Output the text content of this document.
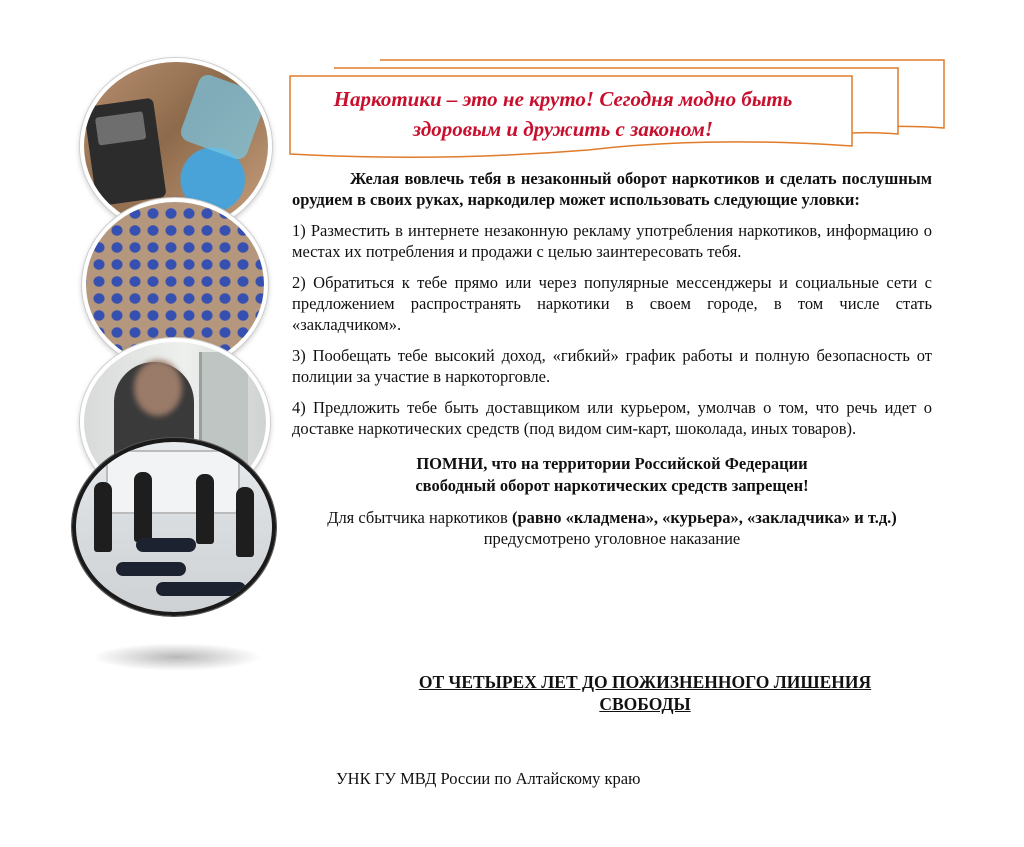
Наркотики – это не круто! Сегодня модно быть
здоровым и дружить с законом!

Желая вовлечь тебя в незаконный оборот наркотиков и сделать послушным орудием в своих руках, наркодилер может использовать следующие уловки:

1) Разместить в интернете незаконную рекламу употребления наркотиков, информацию о местах их потребления и продажи с целью заинтересовать тебя.

2) Обратиться к тебе прямо или через популярные мессенджеры и социальные сети с предложением распространять наркотики в своем городе, в том числе стать «закладчиком».

3) Пообещать тебе высокий доход, «гибкий» график работы и полную безопасность от полиции за участие в наркоторговле.

4) Предложить тебе быть доставщиком или курьером, умолчав о том, что речь идет о доставке наркотических средств (под видом сим-карт, шоколада, иных товаров).

ПОМНИ, что на территории Российской Федерации
свободный оборот наркотических средств запрещен!

Для сбытчика наркотиков (равно «кладмена», «курьера», «закладчика» и т.д.) предусмотрено уголовное наказание

ОТ ЧЕТЫРЕХ ЛЕТ ДО ПОЖИЗНЕННОГО ЛИШЕНИЯ СВОБОДЫ
УНК ГУ МВД России по Алтайскому краю
